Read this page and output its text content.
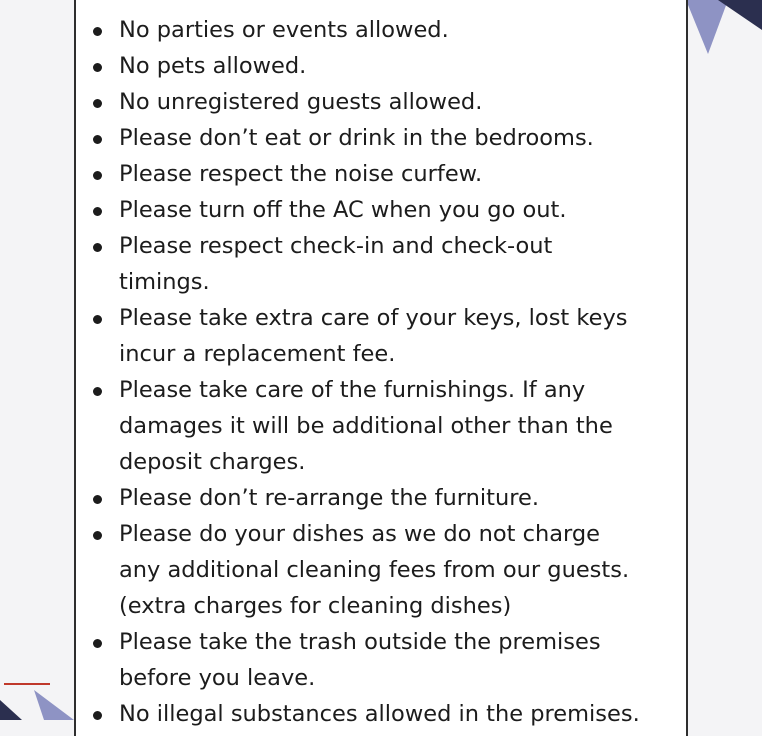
No parties or events allowed.
No pets allowed.
No unregistered guests allowed.
Please don’t eat or drink in the bedrooms.
Please respect the noise curfew.
Please turn off the AC when you go out.
Please respect check-in and check-out
timings.
Please take extra care of your keys, lost keys
incur a replacement fee.
Please take care of the furnishings. If any
damages it will be additional other than the
deposit charges.
Please don’t re-arrange the furniture.
Please do your dishes as we do not charge
any additional cleaning fees from our guests.
(extra charges for cleaning dishes)
Please take the trash outside the premises
before you leave.
No illegal substances allowed in the premises.
